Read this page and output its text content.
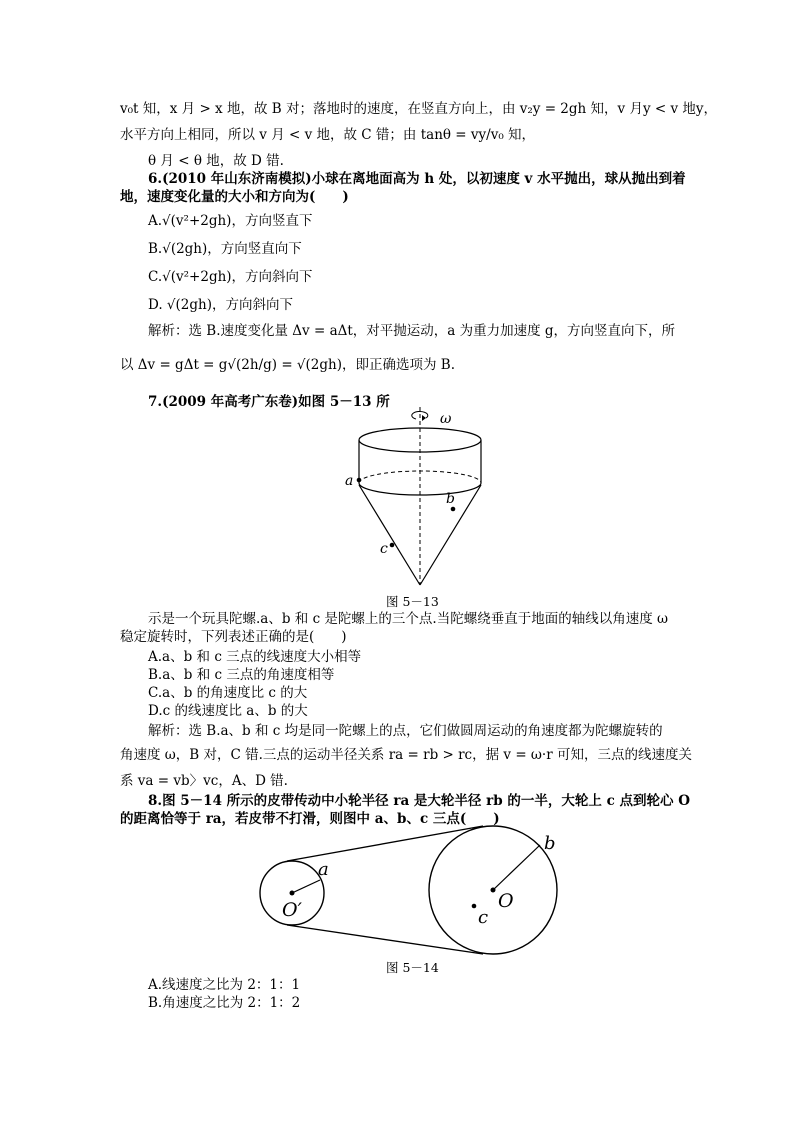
v₀t 知，x 月 > x 地，故 B 对；落地时的速度，在竖直方向上，由 v₂y = 2gh 知，v 月y < v 地y，
水平方向上相同，所以 v 月 < v 地，故 C 错；由 tanθ = vy/v₀ 知，
θ 月 < θ 地，故 D 错.
6.(2010 年山东济南模拟)小球在离地面高为 h 处，以初速度 v 水平抛出，球从抛出到着
地，速度变化量的大小和方向为(　　)
A.√(v²+2gh)，方向竖直下
B.√(2gh)，方向竖直向下
C.√(v²+2gh)，方向斜向下
D. √(2gh)，方向斜向下
解析：选 B.速度变化量 Δv = aΔt，对平抛运动，a 为重力加速度 g，方向竖直向下，所
以 Δv = gΔt = g√(2h/g) = √(2gh)，即正确选项为 B.
7.(2009 年高考广东卷)如图 5－13 所
ω
a
b
c
图 5－13
示是一个玩具陀螺.a、b 和 c 是陀螺上的三个点.当陀螺绕垂直于地面的轴线以角速度 ω
稳定旋转时，下列表述正确的是(　　)
A.a、b 和 c 三点的线速度大小相等
B.a、b 和 c 三点的角速度相等
C.a、b 的角速度比 c 的大
D.c 的线速度比 a、b 的大
解析：选 B.a、b 和 c 均是同一陀螺上的点，它们做圆周运动的角速度都为陀螺旋转的
角速度 ω，B 对，C 错.三点的运动半径关系 ra = rb > rc，据 v = ω·r 可知，三点的线速度关
系 va = vb〉vc，A、D 错.
8.图 5－14 所示的皮带传动中小轮半径 ra 是大轮半径 rb 的一半，大轮上 c 点到轮心 O
的距离恰等于 ra，若皮带不打滑，则图中 a、b、c 三点(　　)
O′
a
O
b
c
图 5－14
A.线速度之比为 2：1：1
B.角速度之比为 2：1：2
